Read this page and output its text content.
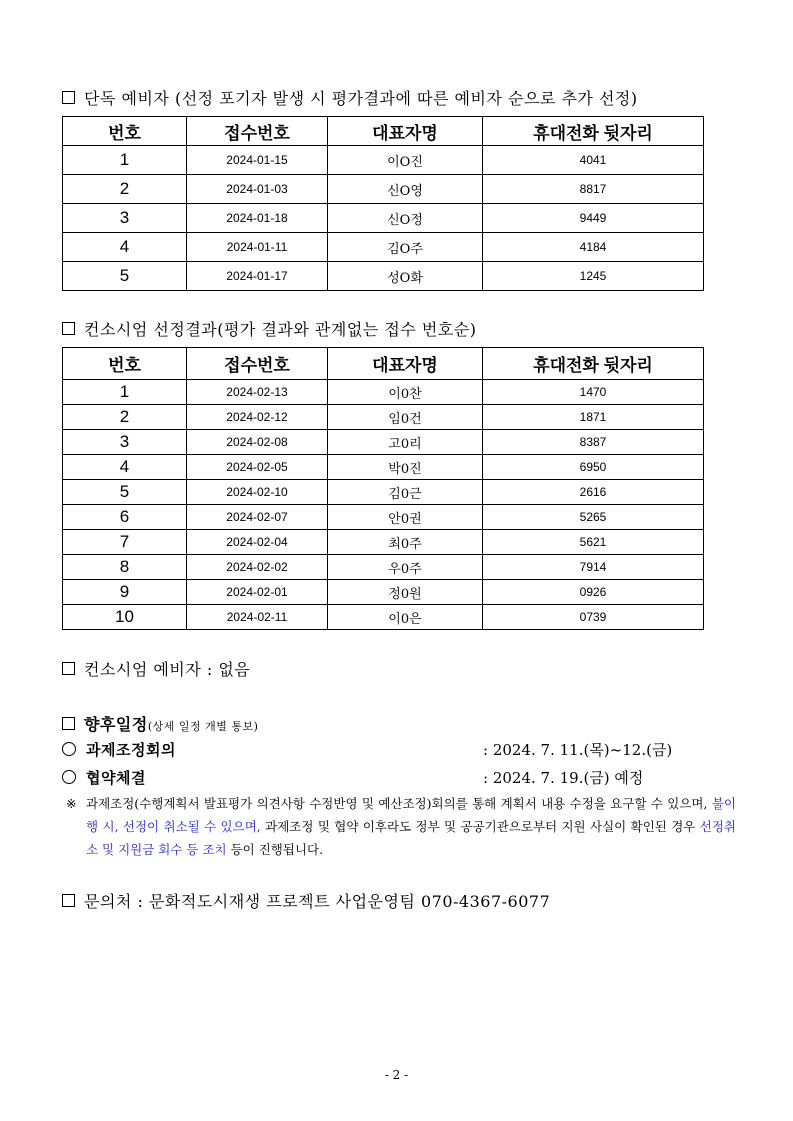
단독 예비자 (선정 포기자 발생 시 평가결과에 따른 예비자 순으로 추가 선정)
번호	접수번호	대표자명	휴대전화 뒷자리
1	2024-01-15	이O진	4041
2	2024-01-03	신O영	8817
3	2024-01-18	신O정	9449
4	2024-01-11	김O주	4184
5	2024-01-17	성O화	1245
컨소시엄 선정결과(평가 결과와 관계없는 접수 번호순)
번호	접수번호	대표자명	휴대전화 뒷자리
1	2024-02-13	이0찬	1470
2	2024-02-12	임0건	1871
3	2024-02-08	고0리	8387
4	2024-02-05	박0진	6950
5	2024-02-10	김0근	2616
6	2024-02-07	안0권	5265
7	2024-02-04	최0주	5621
8	2024-02-02	우0주	7914
9	2024-02-01	정0원	0926
10	2024-02-11	이0은	0739
컨소시엄 예비자 : 없음
향후일정(상세 일정 개별 통보)
과제조정회의	: 2024. 7. 11.(목)~12.(금)
협약체결	: 2024. 7. 19.(금) 예정
※ 과제조정(수행계획서 발표평가 의견사항 수정반영 및 예산조정)회의를 통해 계획서 내용 수정을 요구할 수 있으며, 불이행 시, 선정이 취소될 수 있으며, 과제조정 및 협약 이후라도 정부 및 공공기관으로부터 지원 사실이 확인된 경우 선정취소 및 지원금 회수 등 조치 등이 진행됩니다.
문의처 : 문화적도시재생 프로젝트 사업운영팀 070-4367-6077
- 2 -
